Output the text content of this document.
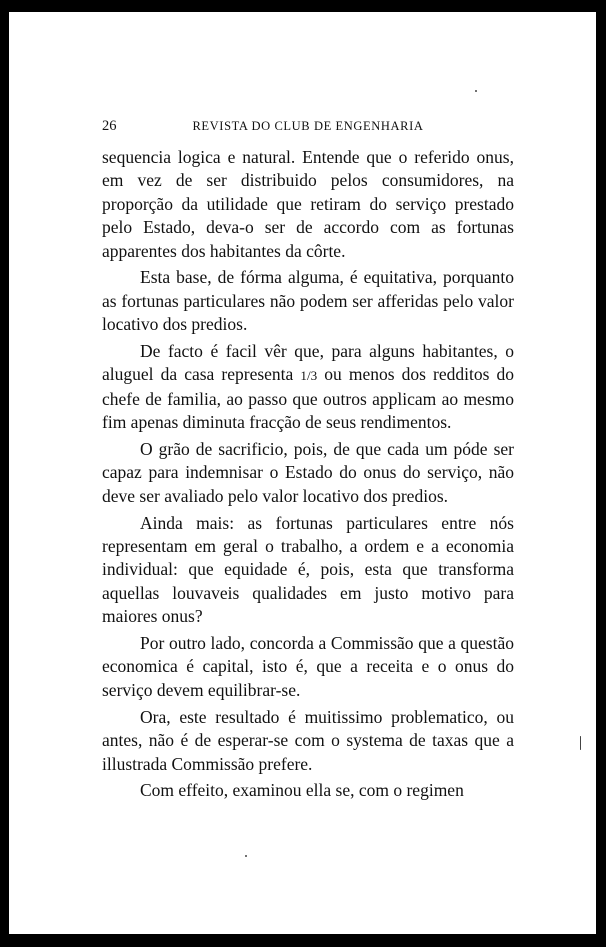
26	REVISTA DO CLUB DE ENGENHARIA

sequencia logica e natural. Entende que o referido onus, em vez de ser distribuido pelos consumidores, na proporção da utilidade que retiram do serviço prestado pelo Estado, deva-o ser de accordo com as fortunas apparentes dos habitantes da côrte.

Esta base, de fórma alguma, é equitativa, porquanto as fortunas particulares não podem ser afferidas pelo valor locativo dos predios.

De facto é facil vêr que, para alguns habitantes, o aluguel da casa representa 1/3 ou menos dos redditos do chefe de familia, ao passo que outros applicam ao mesmo fim apenas diminuta fracção de seus rendimentos.

O grão de sacrificio, pois, de que cada um póde ser capaz para indemnisar o Estado do onus do serviço, não deve ser avaliado pelo valor locativo dos predios.

Ainda mais: as fortunas particulares entre nós representam em geral o trabalho, a ordem e a economia individual: que equidade é, pois, esta que transforma aquellas louvaveis qualidades em justo motivo para maiores onus?

Por outro lado, concorda a Commissão que a questão economica é capital, isto é, que a receita e o onus do serviço devem equilibrar-se.

Ora, este resultado é muitissimo problematico, ou antes, não é de esperar-se com o systema de taxas que a illustrada Commissão prefere.

Com effeito, examinou ella se, com o regimen
